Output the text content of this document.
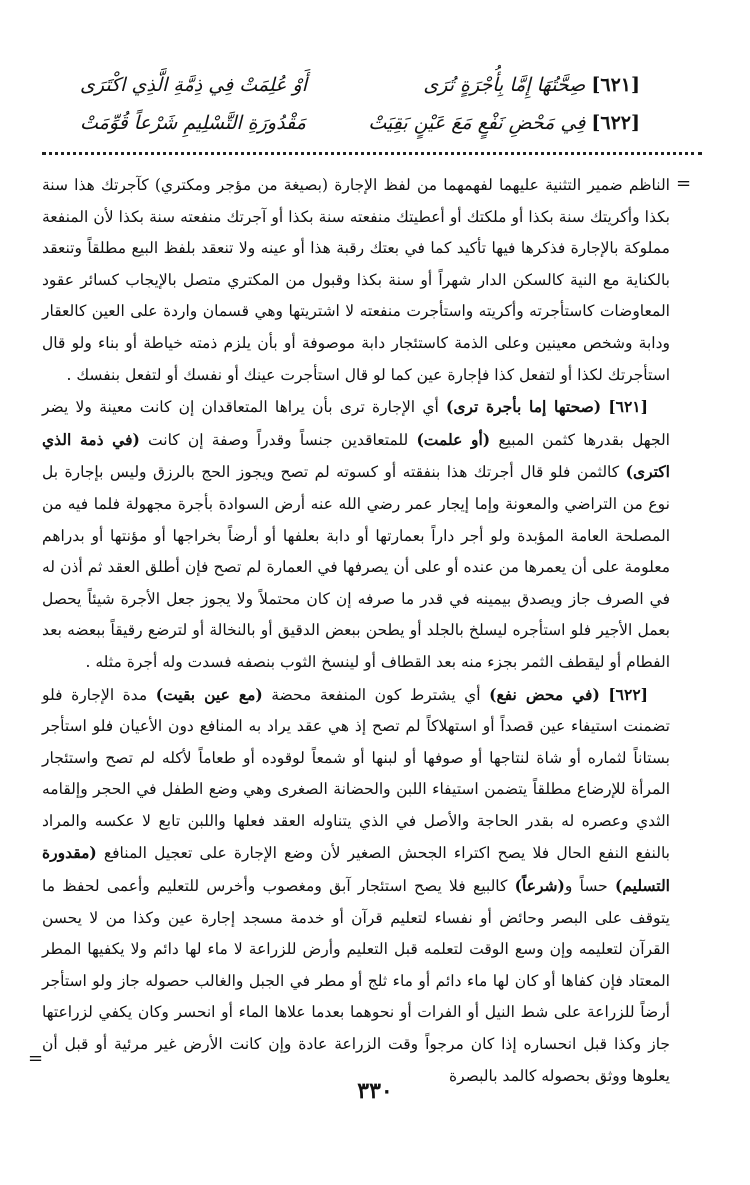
[٦٢١] صِحَّتُهَا إِمَّا بِأُجْرَةٍ تُرَى
أَوْ عُلِمَتْ فِي ذِمَّةِ الَّذِي اكْتَرَى
[٦٢٢] فِي مَحْضِ نَفْعٍ مَعَ عَيْنٍ بَقِيَتْ
مَقْدُورَةِ التَّسْلِيمِ شَرْعاً قُوِّمَتْ
=

الناظم ضمير التثنية عليهما لفهمهما من لفظ الإجارة (بصيغة من مؤجر ومكتري) كآجرتك هذا سنة بكذا وأكريتك سنة بكذا أو ملكتك أو أعطيتك منفعته سنة بكذا أو آجرتك منفعته سنة بكذا لأن المنفعة مملوكة بالإجارة فذكرها فيها تأكيد كما في بعتك رقبة هذا أو عينه ولا تنعقد بلفظ البيع مطلقاً وتنعقد بالكناية مع النية كالسكن الدار شهراً أو سنة بكذا وقبول من المكتري متصل بالإيجاب كسائر عقود المعاوضات كاستأجرته وأكريته واستأجرت منفعته لا اشتريتها وهي قسمان واردة على العين كالعقار ودابة وشخص معينين وعلى الذمة كاستئجار دابة موصوفة أو بأن يلزم ذمته خياطة أو بناء ولو قال استأجرتك لكذا أو لتفعل كذا فإجارة عين كما لو قال استأجرت عينك أو نفسك أو لتفعل بنفسك .

[٦٢١] (صحتها إما بأجرة ترى) أي الإجارة ترى بأن يراها المتعاقدان إن كانت معينة ولا يضر الجهل بقدرها كثمن المبيع (أو علمت) للمتعاقدين جنساً وقدراً وصفة إن كانت (في ذمة الذي اكترى) كالثمن فلو قال أجرتك هذا بنفقته أو كسوته لم تصح ويجوز الحج بالرزق وليس بإجارة بل نوع من التراضي والمعونة وإما إيجار عمر رضي الله عنه أرض السوادة بأجرة مجهولة فلما فيه من المصلحة العامة المؤبدة ولو أجر داراً بعمارتها أو دابة بعلفها أو أرضاً بخراجها أو مؤنتها أو بدراهم معلومة على أن يعمرها من عنده أو على أن يصرفها في العمارة لم تصح فإن أطلق العقد ثم أذن له في الصرف جاز ويصدق بيمينه في قدر ما صرفه إن كان محتملاً ولا يجوز جعل الأجرة شيئاً يحصل بعمل الأجير فلو استأجره ليسلخ بالجلد أو يطحن ببعض الدقيق أو بالنخالة أو لترضع رقيقاً ببعضه بعد الفطام أو ليقطف الثمر بجزء منه بعد القطاف أو لينسخ الثوب بنصفه فسدت وله أجرة مثله .

[٦٢٢] (في محض نفع) أي يشترط كون المنفعة محضة (مع عين بقيت) مدة الإجارة فلو تضمنت استيفاء عين قصداً أو استهلاكاً لم تصح إذ هي عقد يراد به المنافع دون الأعيان فلو استأجر بستاناً لثماره أو شاة لنتاجها أو صوفها أو لبنها أو شمعاً لوقوده أو طعاماً لأكله لم تصح واستئجار المرأة للإرضاع مطلقاً يتضمن استيفاء اللبن والحضانة الصغرى وهي وضع الطفل في الحجر وإلقامه الثدي وعصره له بقدر الحاجة والأصل في الذي يتناوله العقد فعلها واللبن تابع لا عكسه والمراد بالنفع النفع الحال فلا يصح اكتراء الجحش الصغير لأن وضع الإجارة على تعجيل المنافع (مقدورة التسليم) حساً و(شرعاً) كالبيع فلا يصح استئجار آبق ومغصوب وأخرس للتعليم وأعمى لحفظ ما يتوقف على البصر وحائض أو نفساء لتعليم قرآن أو خدمة مسجد إجارة عين وكذا من لا يحسن القرآن لتعليمه وإن وسع الوقت لتعلمه قبل التعليم وأرض للزراعة لا ماء لها دائم ولا يكفيها المطر المعتاد فإن كفاها أو كان لها ماء دائم أو ماء ثلج أو مطر في الجبل والغالب حصوله جاز ولو استأجر أرضاً للزراعة على شط النيل أو الفرات أو نحوهما بعدما علاها الماء أو انحسر وكان يكفي لزراعتها جاز وكذا قبل انحساره إذا كان مرجواً وقت الزراعة عادة وإن كانت الأرض غير مرئية أو قبل أن يعلوها ووثق بحصوله كالمد بالبصرة

=
٣٣٠
